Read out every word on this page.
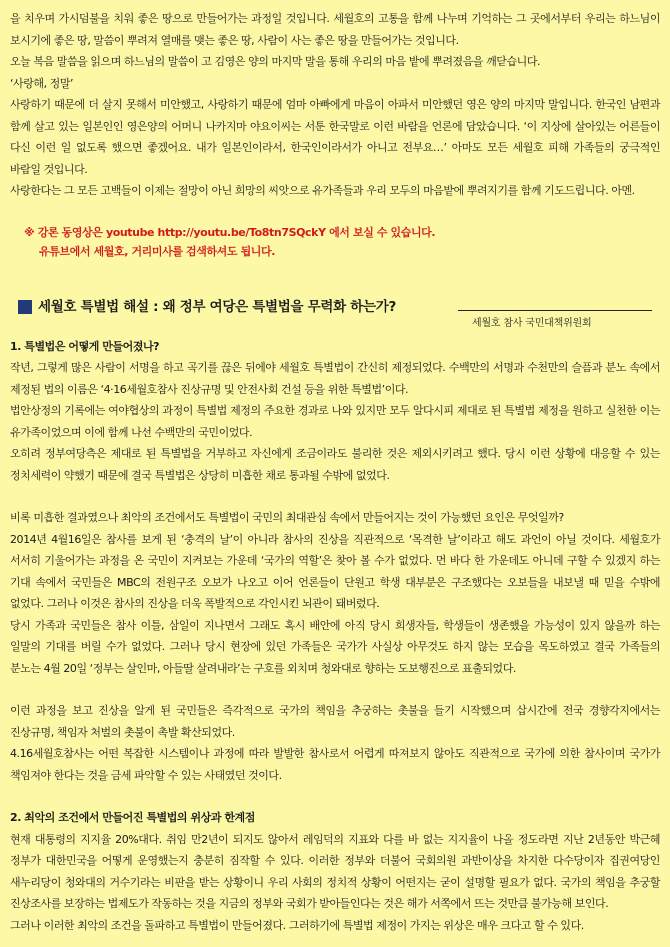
을 치우며 가시덤불을 치워 좋은 땅으로 만들어가는 과정일 것입니다. 세월호의 고통을 함께 나누며 기억하는 그 곳에서부터 우리는 하느님이 보시기에 좋은 땅, 말씀이 뿌려져 열매를 맺는 좋은 땅, 사람이 사는 좋은 땅을 만들어가는 것입니다.

오늘 복음 말씀을 읽으며 하느님의 말씀이 고 김영은 양의 마지막 말을 통해 우리의 마음 밭에 뿌려졌음을 깨닫습니다.

‘사랑해, 정말’

사랑하기 때문에 더 살지 못해서 미안했고, 사랑하기 때문에 엄마 아빠에게 마음이 아파서 미안했던 영은 양의 마지막 말입니다. 한국인 남편과 함께 살고 있는 일본인인 영은양의 어머니 나카지마 야요이씨는 서툰 한국말로 이런 바람을 언론에 담았습니다. ‘이 지상에 살아있는 어른들이 다신 이런 일 없도록 했으면 좋겠어요. 내가 일본인이라서, 한국인이라서가 아니고 전부요…’ 아마도 모든 세월호 피해 가족들의 궁극적인 바람일 것입니다.

사랑한다는 그 모든 고백들이 이제는 절망이 아닌 희망의 씨앗으로 유가족들과 우리 모두의 마음밭에 뿌려지기를 함께 기도드립니다. 아멘.

※ 강론 동영상은 youtube http://youtu.be/To8tn7SQckY 에서 보실 수 있습니다.
유튜브에서 세월호, 거리미사를 검색하셔도 됩니다.
세월호 특별법 해설 : 왜 정부 여당은 특별법을 무력화 하는가?
세월호 참사 국민대책위원회

1. 특별법은 어떻게 만들어졌나?

작년, 그렇게 많은 사람이 서명을 하고 곡기를 끊은 뒤에야 세월호 특별법이 간신히 제정되었다. 수백만의 서명과 수천만의 슬픔과 분노 속에서 제정된 법의 이름은 ‘4·16세월호참사 진상규명 및 안전사회 건설 등을 위한 특별법’이다.

법안상정의 기록에는 여야협상의 과정이 특별법 제정의 주요한 경과로 나와 있지만 모두 알다시피 제대로 된 특별법 제정을 원하고 실천한 이는 유가족이었으며 이에 함께 나선 수백만의 국민이었다.

오히려 정부여당측은 제대로 된 특별법을 거부하고 자신에게 조금이라도 불리한 것은 제외시키려고 했다. 당시 이런 상황에 대응할 수 있는 정치세력이 약했기 때문에 결국 특별법은 상당히 미흡한 채로 통과될 수밖에 없었다.

비록 미흡한 결과였으나 최악의 조건에서도 특별법이 국민의 최대관심 속에서 만들어지는 것이 가능했던 요인은 무엇일까?

2014년 4월16일은 참사를 보게 된 ‘충격의 날’이 아니라 참사의 진상을 직관적으로 ‘목격한 날’이라고 해도 과언이 아닐 것이다. 세월호가 서서히 기울어가는 과정을 온 국민이 지켜보는 가운데 ‘국가의 역할’은 찾아 볼 수가 없었다. 먼 바다 한 가운데도 아니데 구할 수 있겠지 하는 기대 속에서 국민들은 MBC의 전원구조 오보가 나오고 이어 언론들이 단원고 학생 대부분은 구조했다는 오보들을 내보낼 때 믿을 수밖에 없었다. 그러나 이것은 참사의 진상을 더욱 폭발적으로 각인시킨 뇌관이 돼버렸다.

당시 가족과 국민들은 참사 이틀, 삼일이 지나면서 그래도 혹시 배안에 아직 당시 희생자들, 학생들이 생존했을 가능성이 있지 않을까 하는 일말의 기대를 버릴 수가 없었다. 그러나 당시 현장에 있던 가족들은 국가가 사실상 아무것도 하지 않는 모습을 목도하였고 결국 가족들의 분노는 4월 20일 ‘정부는 살인마, 아들딸 살려내라’는 구호를 외치며 청와대로 향하는 도보행진으로 표출되었다.

이런 과정을 보고 진상을 알게 된 국민들은 즉각적으로 국가의 책임을 추궁하는 촛불을 들기 시작했으며 삽시간에 전국 경향각지에서는 진상규명, 책임자 처벌의 촛불이 촉발 확산되었다.

4.16세월호참사는 어떤 복잡한 시스템이나 과정에 따라 발발한 참사로서 어렵게 따져보지 않아도 직관적으로 국가에 의한 참사이며 국가가 책임져야 한다는 것을 금세 파악할 수 있는 사태였던 것이다.

2. 최악의 조건에서 만들어진 특별법의 위상과 한계점

현재 대통령의 지지율 20%대다. 취임 만2년이 되지도 않아서 레임덕의 지표와 다를 바 없는 지지율이 나올 정도라면 지난 2년동안 박근혜 정부가 대한민국을 어떻게 운영했는지 충분히 짐작할 수 있다. 이러한 정부와 더불어 국회의원 과반이상을 차지한 다수당이자 집권여당인 새누리당이 청와대의 거수기라는 비판을 받는 상황이니 우리 사회의 정치적 상황이 어떤지는 굳이 설명할 필요가 없다. 국가의 책임을 추궁할 진상조사를 보장하는 법제도가 작동하는 것을 지금의 정부와 국회가 받아들인다는 것은 해가 서쪽에서 뜨는 것만큼 불가능해 보인다.

그러나 이러한 최악의 조건을 돌파하고 특별법이 만들어졌다. 그러하기에 특별법 제정이 가지는 위상은 매우 크다고 할 수 있다.
